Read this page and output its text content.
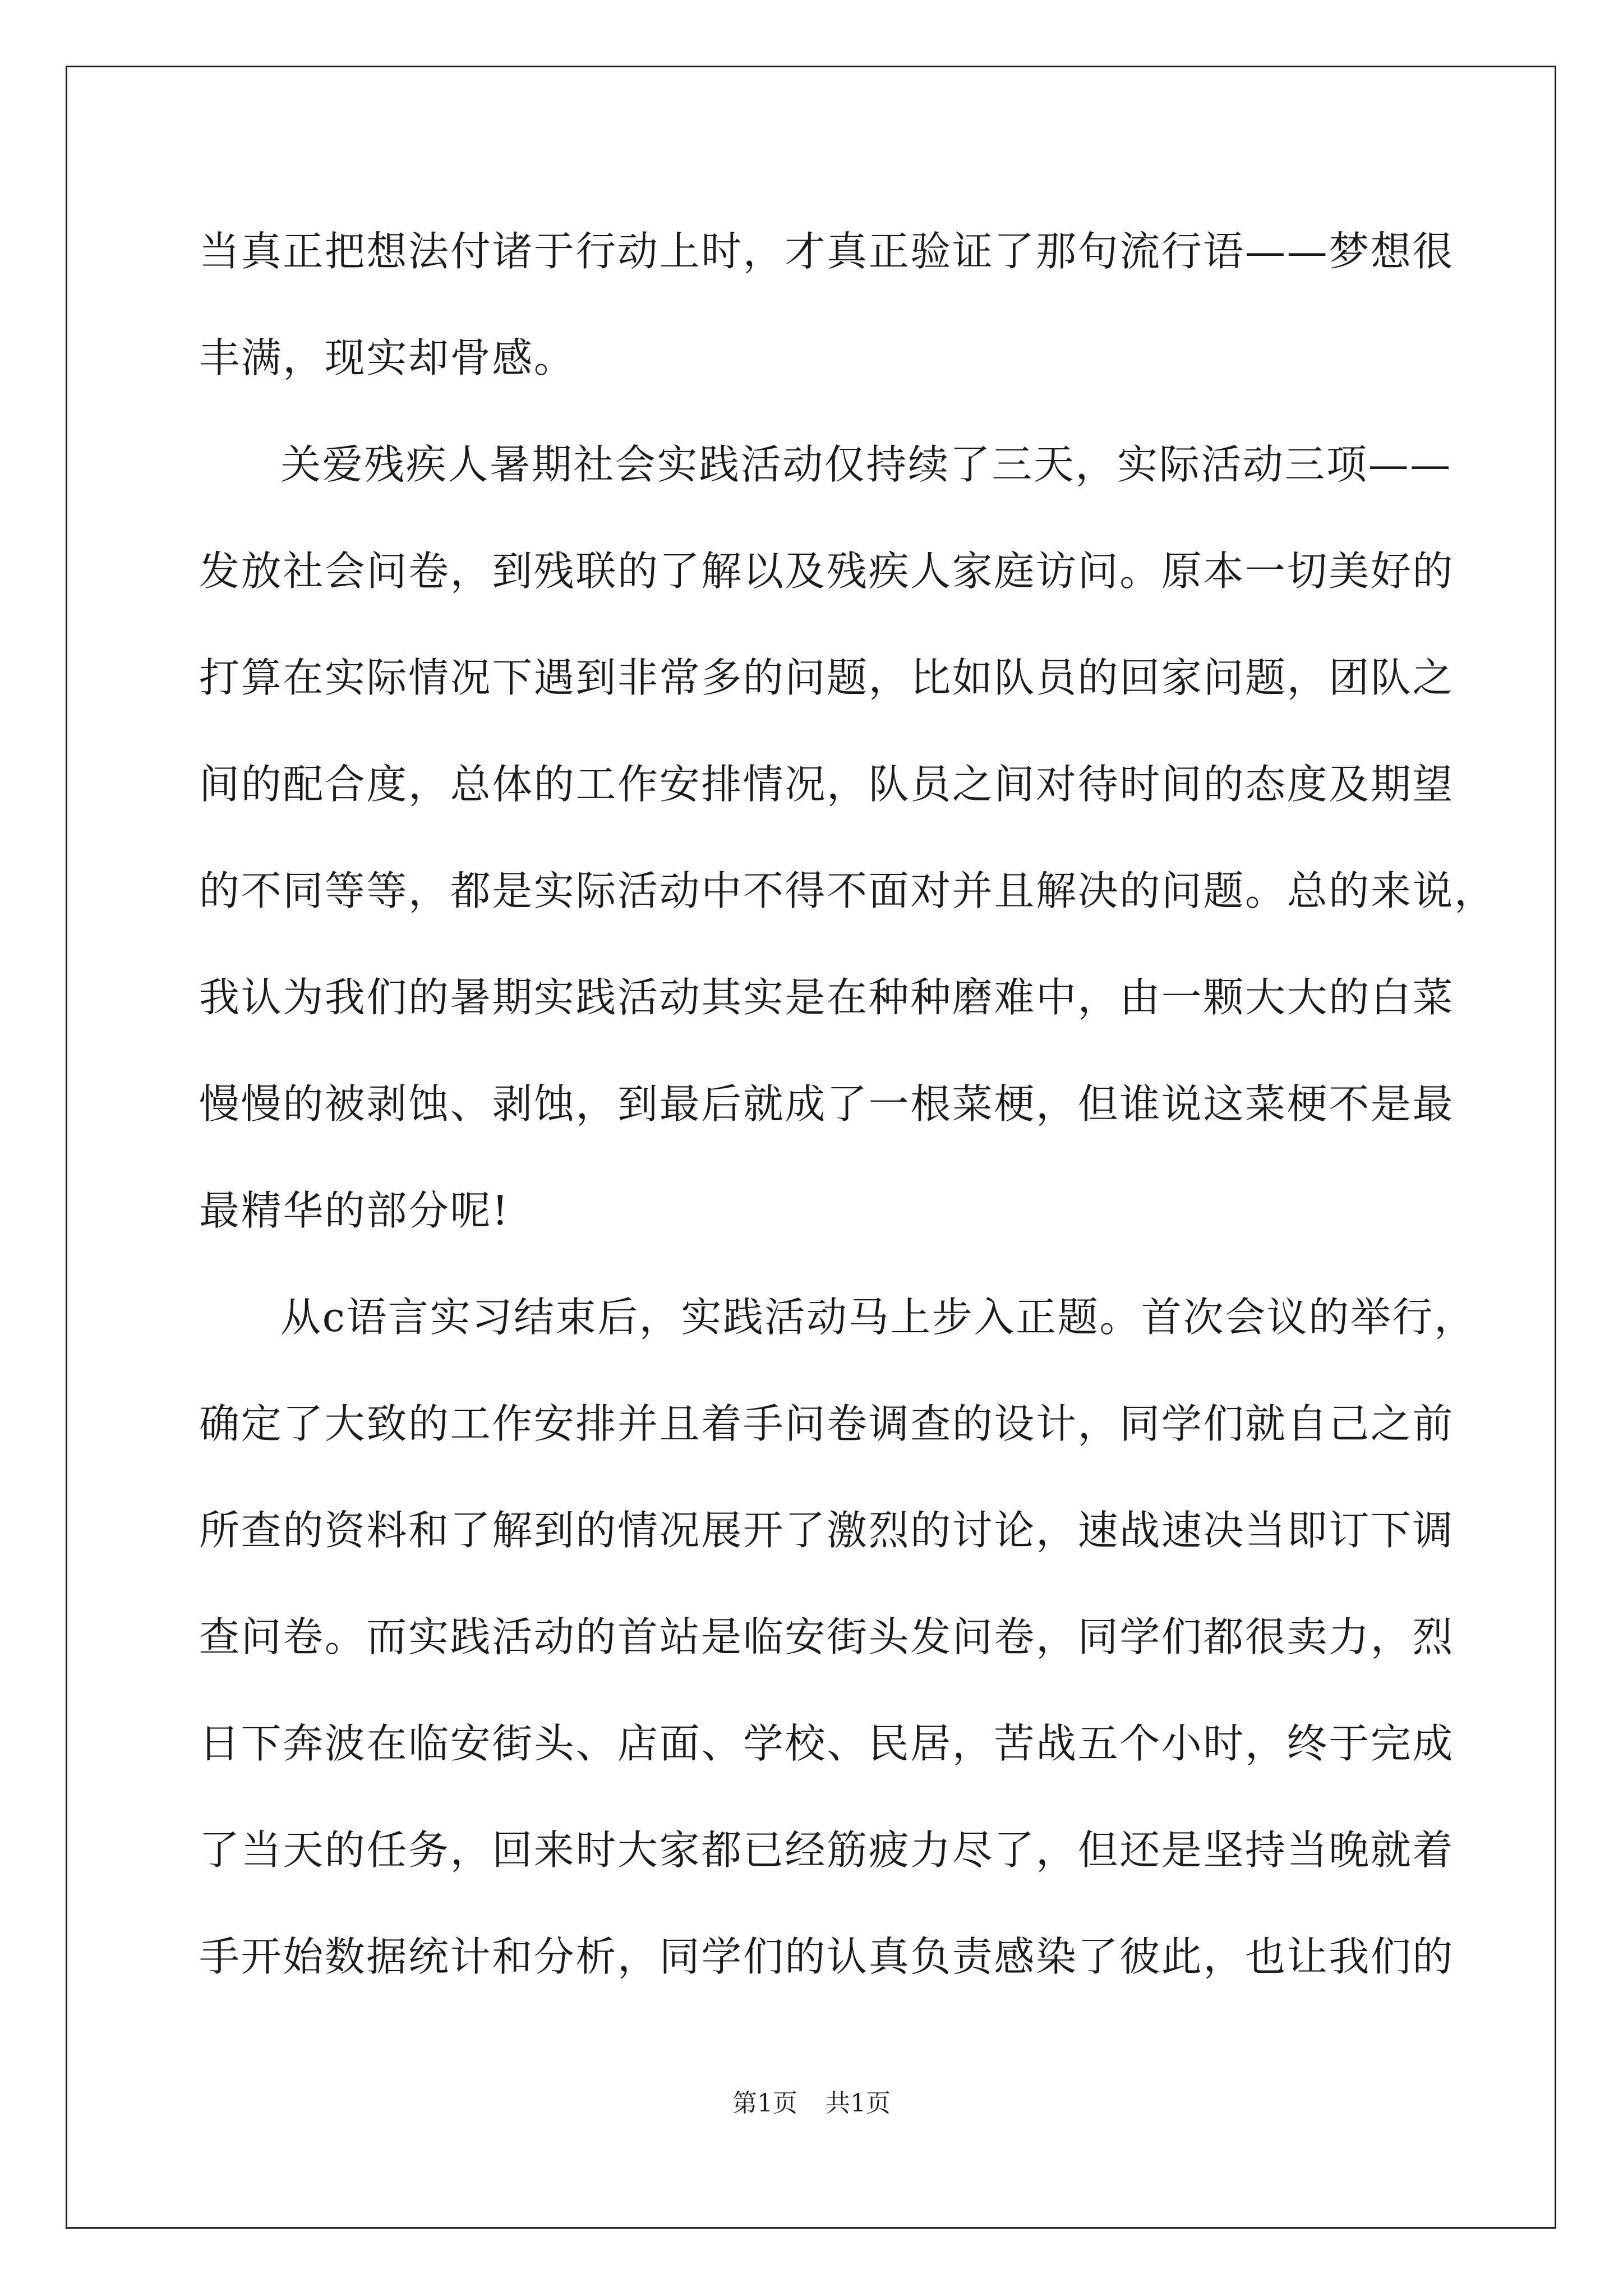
当真正把想法付诸于行动上时，才真正验证了那句流行语——梦想很
丰满，现实却骨感。
关爱残疾人暑期社会实践活动仅持续了三天，实际活动三项——
发放社会问卷，到残联的了解以及残疾人家庭访问。原本一切美好的
打算在实际情况下遇到非常多的问题，比如队员的回家问题，团队之
间的配合度，总体的工作安排情况，队员之间对待时间的态度及期望
的不同等等，都是实际活动中不得不面对并且解决的问题。总的来说，
我认为我们的暑期实践活动其实是在种种磨难中，由一颗大大的白菜
慢慢的被剥蚀、剥蚀，到最后就成了一根菜梗，但谁说这菜梗不是最
最精华的部分呢!
从c语言实习结束后，实践活动马上步入正题。首次会议的举行，
确定了大致的工作安排并且着手问卷调查的设计，同学们就自己之前
所查的资料和了解到的情况展开了激烈的讨论，速战速决当即订下调
查问卷。而实践活动的首站是临安街头发问卷，同学们都很卖力，烈
日下奔波在临安街头、店面、学校、民居，苦战五个小时，终于完成
了当天的任务，回来时大家都已经筋疲力尽了，但还是坚持当晚就着
手开始数据统计和分析，同学们的认真负责感染了彼此，也让我们的
第1页 共1页
